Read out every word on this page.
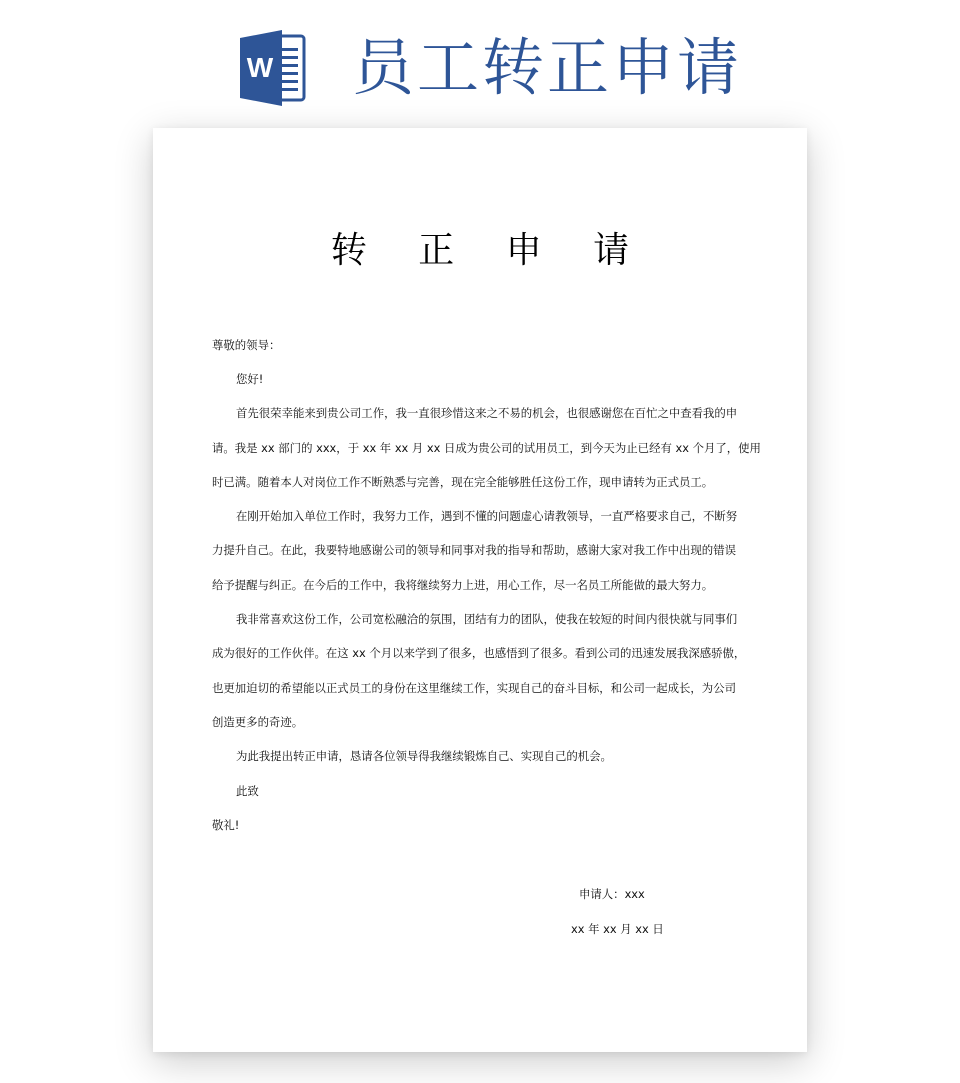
W 员工转正申请
转 正 申 请
尊敬的领导：
您好!
首先很荣幸能来到贵公司工作，我一直很珍惜这来之不易的机会，也很感谢您在百忙之中查看我的申
请。我是 xx 部门的 xxx，于 xx 年 xx 月 xx 日成为贵公司的试用员工，到今天为止已经有 xx 个月了，使用
时已满。随着本人对岗位工作不断熟悉与完善，现在完全能够胜任这份工作，现申请转为正式员工。
在刚开始加入单位工作时，我努力工作，遇到不懂的问题虚心请教领导，一直严格要求自己，不断努
力提升自己。在此，我要特地感谢公司的领导和同事对我的指导和帮助，感谢大家对我工作中出现的错误
给予提醒与纠正。在今后的工作中，我将继续努力上进，用心工作，尽一名员工所能做的最大努力。
我非常喜欢这份工作，公司宽松融洽的氛围，团结有力的团队，使我在较短的时间内很快就与同事们
成为很好的工作伙伴。在这 xx 个月以来学到了很多，也感悟到了很多。看到公司的迅速发展我深感骄傲，
也更加迫切的希望能以正式员工的身份在这里继续工作，实现自己的奋斗目标，和公司一起成长，为公司
创造更多的奇迹。
为此我提出转正申请，恳请各位领导得我继续锻炼自己、实现自己的机会。
此致
敬礼!
申请人：xxx
xx 年 xx 月 xx 日
